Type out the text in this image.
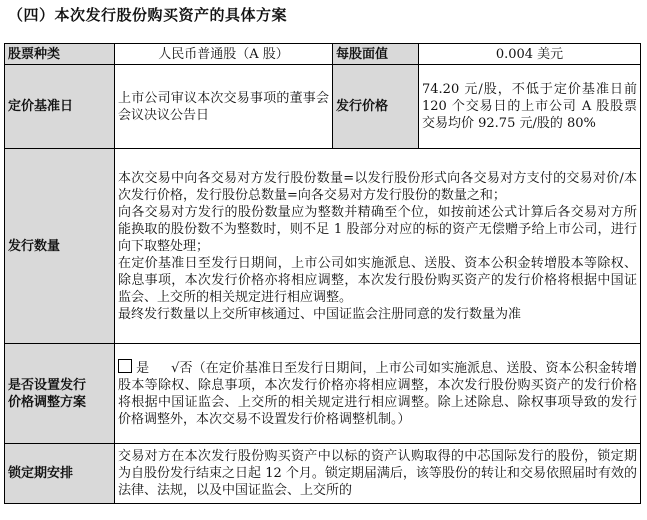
（四）本次发行股份购买资产的具体方案
股票种类	人民币普通股（A 股）	每股面值	0.004 美元
定价基准日	上市公司审议本次交易事项的董事会会议决议公告日	发行价格	74.20 元/股，不低于定价基准日前 120 个交易日的上市公司 A 股股票交易均价 92.75 元/股的 80%
发行数量	本次交易中向各交易对方发行股份数量=以发行股份形式向各交易对方支付的交易对价/本次发行价格，发行股份总数量=向各交易对方发行股份的数量之和；
向各交易对方发行的股份数量应为整数并精确至个位，如按前述公式计算后各交易对方所能换取的股份数不为整数时，则不足 1 股部分对应的标的资产无偿赠予给上市公司，进行向下取整处理；
在定价基准日至发行日期间，上市公司如实施派息、送股、资本公积金转增股本等除权、除息事项，本次发行价格亦将相应调整，本次发行股份购买资产的发行价格将根据中国证监会、上交所的相关规定进行相应调整。
最终发行数量以上交所审核通过、中国证监会注册同意的发行数量为准		

是否设置发行
价格调整方案	是 √否（在定价基准日至发行日期间，上市公司如实施派息、送股、资本公积金转增股本等除权、除息事项，本次发行价格亦将相应调整，本次发行股份购买资产的发行价格将根据中国证监会、上交所的相关规定进行相应调整。除上述除息、除权事项导致的发行价格调整外，本次交易不设置发行价格调整机制。）		
锁定期安排	交易对方在本次发行股份购买资产中以标的资产认购取得的中芯国际发行的股份，锁定期为自股份发行结束之日起 12 个月。锁定期届满后，该等股份的转让和交易依照届时有效的法律、法规，以及中国证监会、上交所的		
